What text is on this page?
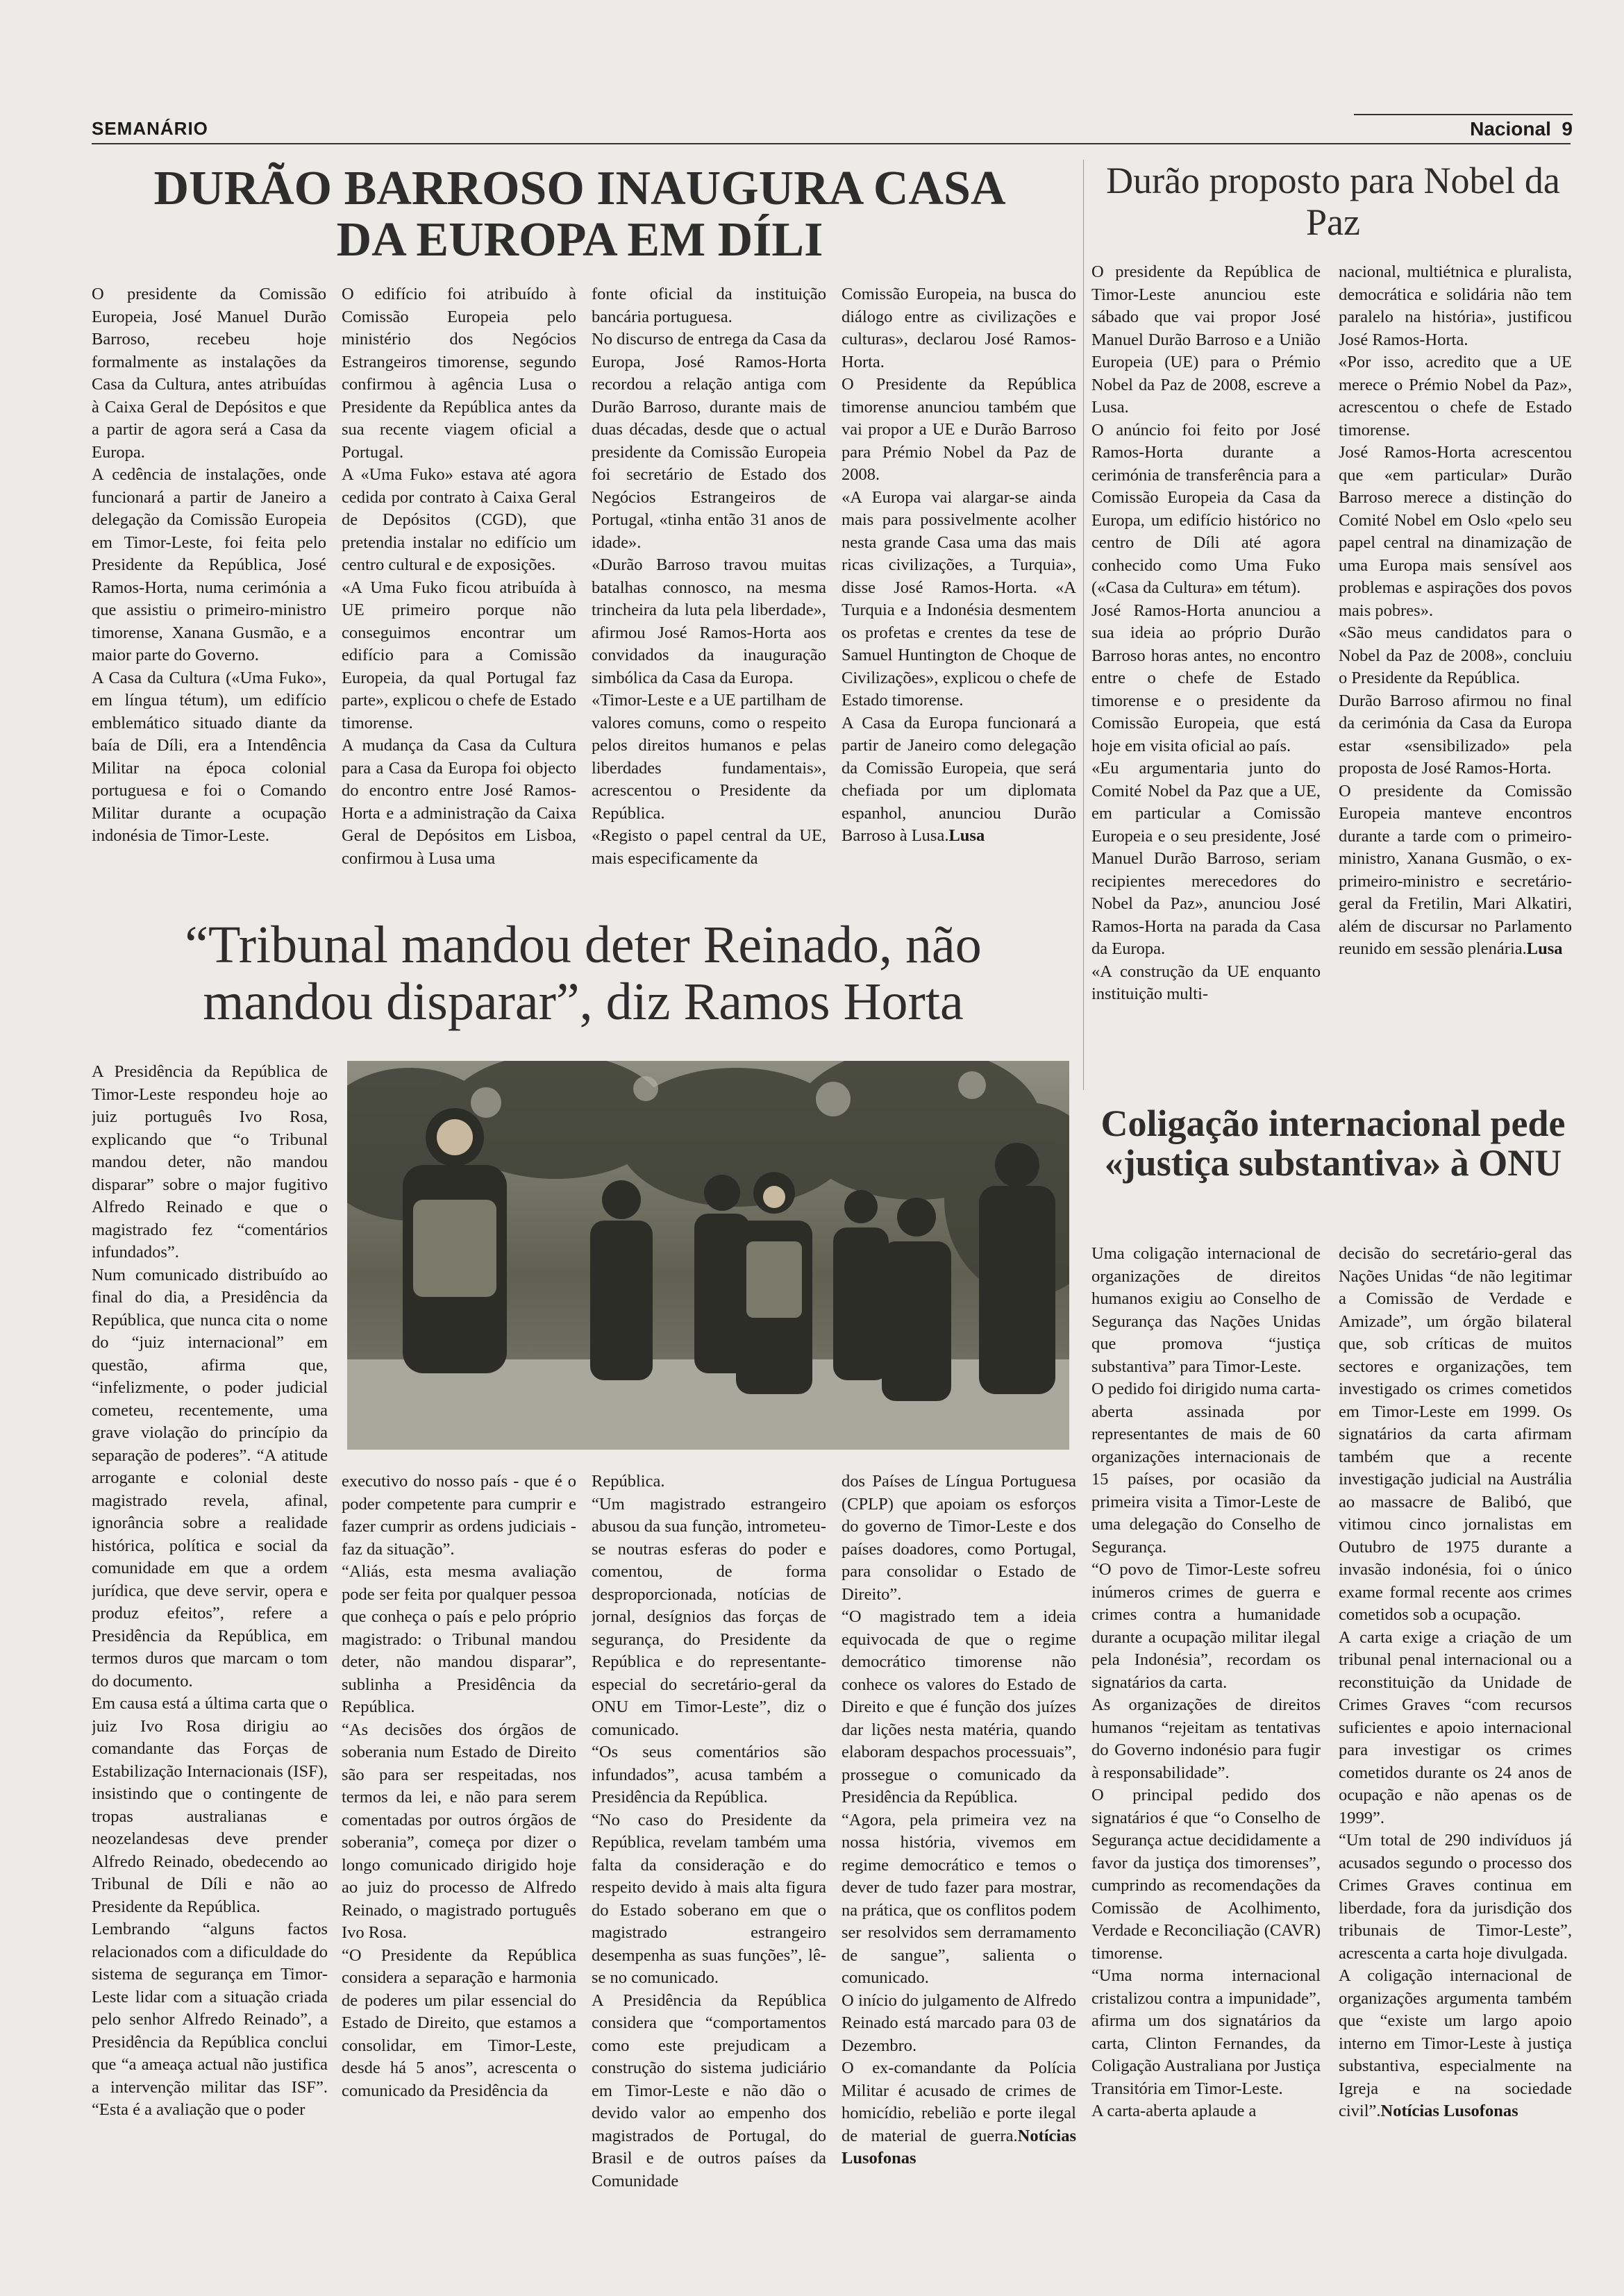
SEMANÁRIO	Nacional 9
DURÃO BARROSO INAUGURA CASA DA EUROPA EM DÍLI

O presidente da Comissão Europeia, José Manuel Durão Barroso, recebeu hoje formalmente as instalações da Casa da Cultura, antes atribuídas à Caixa Geral de Depósitos e que a partir de agora será a Casa da Europa.

A cedência de instalações, onde funcionará a partir de Janeiro a delegação da Comissão Europeia em Timor-Leste, foi feita pelo Presidente da República, José Ramos-Horta, numa cerimónia a que assistiu o primeiro-ministro timorense, Xanana Gusmão, e a maior parte do Governo.

A Casa da Cultura («Uma Fuko», em língua tétum), um edifício emblemático situado diante da baía de Díli, era a Intendência Militar na época colonial portuguesa e foi o Comando Militar durante a ocupação indonésia de Timor-Leste.

O edifício foi atribuído à Comissão Europeia pelo ministério dos Negócios Estrangeiros timorense, segundo confirmou à agência Lusa o Presidente da República antes da sua recente viagem oficial a Portugal.

A «Uma Fuko» estava até agora cedida por contrato à Caixa Geral de Depósitos (CGD), que pretendia instalar no edifício um centro cultural e de exposições.

«A Uma Fuko ficou atribuída à UE primeiro porque não conseguimos encontrar um edifício para a Comissão Europeia, da qual Portugal faz parte», explicou o chefe de Estado timorense.

A mudança da Casa da Cultura para a Casa da Europa foi objecto do encontro entre José Ramos-Horta e a administração da Caixa Geral de Depósitos em Lisboa, confirmou à Lusa uma

fonte oficial da instituição bancária portuguesa.

No discurso de entrega da Casa da Europa, José Ramos-Horta recordou a relação antiga com Durão Barroso, durante mais de duas décadas, desde que o actual presidente da Comissão Europeia foi secretário de Estado dos Negócios Estrangeiros de Portugal, «tinha então 31 anos de idade».

«Durão Barroso travou muitas batalhas connosco, na mesma trincheira da luta pela liberdade», afirmou José Ramos-Horta aos convidados da inauguração simbólica da Casa da Europa.

«Timor-Leste e a UE partilham de valores comuns, como o respeito pelos direitos humanos e pelas liberdades fundamentais», acrescentou o Presidente da República.

«Registo o papel central da UE, mais especificamente da

Comissão Europeia, na busca do diálogo entre as civilizações e culturas», declarou José Ramos-Horta.

O Presidente da República timorense anunciou também que vai propor a UE e Durão Barroso para Prémio Nobel da Paz de 2008.

«A Europa vai alargar-se ainda mais para possivelmente acolher nesta grande Casa uma das mais ricas civilizações, a Turquia», disse José Ramos-Horta. «A Turquia e a Indonésia desmentem os profetas e crentes da tese de Samuel Huntington de Choque de Civilizações», explicou o chefe de Estado timorense.

A Casa da Europa funcionará a partir de Janeiro como delegação da Comissão Europeia, que será chefiada por um diplomata espanhol, anunciou Durão Barroso à Lusa.Lusa

Durão proposto para Nobel da Paz

O presidente da República de Timor-Leste anunciou este sábado que vai propor José Manuel Durão Barroso e a União Europeia (UE) para o Prémio Nobel da Paz de 2008, escreve a Lusa.

O anúncio foi feito por José Ramos-Horta durante a cerimónia de transferência para a Comissão Europeia da Casa da Europa, um edifício histórico no centro de Díli até agora conhecido como Uma Fuko («Casa da Cultura» em tétum).

José Ramos-Horta anunciou a sua ideia ao próprio Durão Barroso horas antes, no encontro entre o chefe de Estado timorense e o presidente da Comissão Europeia, que está hoje em visita oficial ao país.

«Eu argumentaria junto do Comité Nobel da Paz que a UE, em particular a Comissão Europeia e o seu presidente, José Manuel Durão Barroso, seriam recipientes merecedores do Nobel da Paz», anunciou José Ramos-Horta na parada da Casa da Europa.

«A construção da UE enquanto instituição multi-

nacional, multiétnica e pluralista, democrática e solidária não tem paralelo na história», justificou José Ramos-Horta.

«Por isso, acredito que a UE merece o Prémio Nobel da Paz», acrescentou o chefe de Estado timorense.

José Ramos-Horta acrescentou que «em particular» Durão Barroso merece a distinção do Comité Nobel em Oslo «pelo seu papel central na dinamização de uma Europa mais sensível aos problemas e aspirações dos povos mais pobres».

«São meus candidatos para o Nobel da Paz de 2008», concluiu o Presidente da República.

Durão Barroso afirmou no final da cerimónia da Casa da Europa estar «sensibilizado» pela proposta de José Ramos-Horta.

O presidente da Comissão Europeia manteve encontros durante a tarde com o primeiro-ministro, Xanana Gusmão, o ex-primeiro-ministro e secretário-geral da Fretilin, Mari Alkatiri, além de discursar no Parlamento reunido em sessão plenária.Lusa

“Tribunal mandou deter Reinado, não mandou disparar”, diz Ramos Horta

A Presidência da República de Timor-Leste respondeu hoje ao juiz português Ivo Rosa, explicando que “o Tribunal mandou deter, não mandou disparar” sobre o major fugitivo Alfredo Reinado e que o magistrado fez “comentários infundados”.

Num comunicado distribuído ao final do dia, a Presidência da República, que nunca cita o nome do “juiz internacional” em questão, afirma que, “infelizmente, o poder judicial cometeu, recentemente, uma grave violação do princípio da separação de poderes”. “A atitude arrogante e colonial deste magistrado revela, afinal, ignorância sobre a realidade histórica, política e social da comunidade em que a ordem jurídica, que deve servir, opera e produz efeitos”, refere a Presidência da República, em termos duros que marcam o tom do documento.

Em causa está a última carta que o juiz Ivo Rosa dirigiu ao comandante das Forças de Estabilização Internacionais (ISF), insistindo que o contingente de tropas australianas e neozelandesas deve prender Alfredo Reinado, obedecendo ao Tribunal de Díli e não ao Presidente da República.

Lembrando “alguns factos relacionados com a dificuldade do sistema de segurança em Timor-Leste lidar com a situação criada pelo senhor Alfredo Reinado”, a Presidência da República conclui que “a ameaça actual não justifica a intervenção militar das ISF”. “Esta é a avaliação que o poder

executivo do nosso país - que é o poder competente para cumprir e fazer cumprir as ordens judiciais - faz da situação”.

“Aliás, esta mesma avaliação pode ser feita por qualquer pessoa que conheça o país e pelo próprio magistrado: o Tribunal mandou deter, não mandou disparar”, sublinha a Presidência da República.

“As decisões dos órgãos de soberania num Estado de Direito são para ser respeitadas, nos termos da lei, e não para serem comentadas por outros órgãos de soberania”, começa por dizer o longo comunicado dirigido hoje ao juiz do processo de Alfredo Reinado, o magistrado português Ivo Rosa.

“O Presidente da República considera a separação e harmonia de poderes um pilar essencial do Estado de Direito, que estamos a consolidar, em Timor-Leste, desde há 5 anos”, acrescenta o comunicado da Presidência da

República.

“Um magistrado estrangeiro abusou da sua função, intrometeu-se noutras esferas do poder e comentou, de forma desproporcionada, notícias de jornal, desígnios das forças de segurança, do Presidente da República e do representante-especial do secretário-geral da ONU em Timor-Leste”, diz o comunicado.

“Os seus comentários são infundados”, acusa também a Presidência da República.

“No caso do Presidente da República, revelam também uma falta da consideração e do respeito devido à mais alta figura do Estado soberano em que o magistrado estrangeiro desempenha as suas funções”, lê-se no comunicado.

A Presidência da República considera que “comportamentos como este prejudicam a construção do sistema judiciário em Timor-Leste e não dão o devido valor ao empenho dos magistrados de Portugal, do Brasil e de outros países da Comunidade

dos Países de Língua Portuguesa (CPLP) que apoiam os esforços do governo de Timor-Leste e dos países doadores, como Portugal, para consolidar o Estado de Direito”.

“O magistrado tem a ideia equivocada de que o regime democrático timorense não conhece os valores do Estado de Direito e que é função dos juízes dar lições nesta matéria, quando elaboram despachos processuais”, prossegue o comunicado da Presidência da República.

“Agora, pela primeira vez na nossa história, vivemos em regime democrático e temos o dever de tudo fazer para mostrar, na prática, que os conflitos podem ser resolvidos sem derramamento de sangue”, salienta o comunicado.

O início do julgamento de Alfredo Reinado está marcado para 03 de Dezembro.

O ex-comandante da Polícia Militar é acusado de crimes de homicídio, rebelião e porte ilegal de material de guerra.Notícias Lusofonas

Coligação internacional pede «justiça substantiva» à ONU

Uma coligação internacional de organizações de direitos humanos exigiu ao Conselho de Segurança das Nações Unidas que promova “justiça substantiva” para Timor-Leste.

O pedido foi dirigido numa carta-aberta assinada por representantes de mais de 60 organizações internacionais de 15 países, por ocasião da primeira visita a Timor-Leste de uma delegação do Conselho de Segurança.

“O povo de Timor-Leste sofreu inúmeros crimes de guerra e crimes contra a humanidade durante a ocupação militar ilegal pela Indonésia”, recordam os signatários da carta.

As organizações de direitos humanos “rejeitam as tentativas do Governo indonésio para fugir à responsabilidade”.

O principal pedido dos signatários é que “o Conselho de Segurança actue decididamente a favor da justiça dos timorenses”, cumprindo as recomendações da Comissão de Acolhimento, Verdade e Reconciliação (CAVR) timorense.

“Uma norma internacional cristalizou contra a impunidade”, afirma um dos signatários da carta, Clinton Fernandes, da Coligação Australiana por Justiça Transitória em Timor-Leste.

A carta-aberta aplaude a

decisão do secretário-geral das Nações Unidas “de não legitimar a Comissão de Verdade e Amizade”, um órgão bilateral que, sob críticas de muitos sectores e organizações, tem investigado os crimes cometidos em Timor-Leste em 1999. Os signatários da carta afirmam também que a recente investigação judicial na Austrália ao massacre de Balibó, que vitimou cinco jornalistas em Outubro de 1975 durante a invasão indonésia, foi o único exame formal recente aos crimes cometidos sob a ocupação.

A carta exige a criação de um tribunal penal internacional ou a reconstituição da Unidade de Crimes Graves “com recursos suficientes e apoio internacional para investigar os crimes cometidos durante os 24 anos de ocupação e não apenas os de 1999”.

“Um total de 290 indivíduos já acusados segundo o processo dos Crimes Graves continua em liberdade, fora da jurisdição dos tribunais de Timor-Leste”, acrescenta a carta hoje divulgada.

A coligação internacional de organizações argumenta também que “existe um largo apoio interno em Timor-Leste à justiça substantiva, especialmente na Igreja e na sociedade civil”.Notícias Lusofonas
